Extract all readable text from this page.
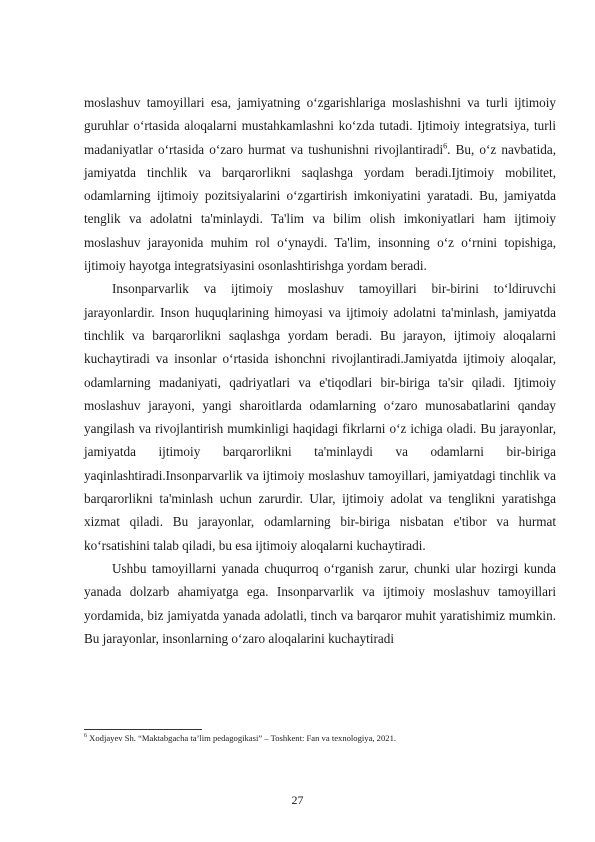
moslashuv tamoyillari esa, jamiyatning o‘zgarishlariga moslashishni va turli ijtimoiy guruhlar o‘rtasida aloqalarni mustahkamlashni ko‘zda tutadi. Ijtimoiy integratsiya, turli madaniyatlar o‘rtasida o‘zaro hurmat va tushunishni rivojlantiradi$^6$. Bu, o‘z navbatida, jamiyatda tinchlik va barqarorlikni saqlashga yordam beradi.Ijtimoiy mobilitet, odamlarning ijtimoiy pozitsiyalarini o‘zgartirish imkoniyatini yaratadi. Bu, jamiyatda tenglik va adolatni ta'minlaydi. Ta'lim va bilim olish imkoniyatlari ham ijtimoiy moslashuv jarayonida muhim rol o‘ynaydi. Ta'lim, insonning o‘z o‘rnini topishiga, ijtimoiy hayotga integratsiyasini osonlashtirishga yordam beradi.

Insonparvarlik va ijtimoiy moslashuv tamoyillari bir-birini to‘ldiruvchi jarayonlardir. Inson huquqlarining himoyasi va ijtimoiy adolatni ta'minlash, jamiyatda tinchlik va barqarorlikni saqlashga yordam beradi. Bu jarayon, ijtimoiy aloqalarni kuchaytiradi va insonlar o‘rtasida ishonchni rivojlantiradi.Jamiyatda ijtimoiy aloqalar, odamlarning madaniyati, qadriyatlari va e'tiqodlari bir-biriga ta'sir qiladi. Ijtimoiy moslashuv jarayoni, yangi sharoitlarda odamlarning o‘zaro munosabatlarini qanday yangilash va rivojlantirish mumkinligi haqidagi fikrlarni o‘z ichiga oladi. Bu jarayonlar, jamiyatda ijtimoiy barqarorlikni ta'minlaydi va odamlarni bir-biriga yaqinlashtiradi.Insonparvarlik va ijtimoiy moslashuv tamoyillari, jamiyatdagi tinchlik va barqarorlikni ta'minlash uchun zarurdir. Ular, ijtimoiy adolat va tenglikni yaratishga xizmat qiladi. Bu jarayonlar, odamlarning bir-biriga nisbatan e'tibor va hurmat ko‘rsatishini talab qiladi, bu esa ijtimoiy aloqalarni kuchaytiradi.

Ushbu tamoyillarni yanada chuqurroq o‘rganish zarur, chunki ular hozirgi kunda yanada dolzarb ahamiyatga ega. Insonparvarlik va ijtimoiy moslashuv tamoyillari yordamida, biz jamiyatda yanada adolatli, tinch va barqaror muhit yaratishimiz mumkin. Bu jarayonlar, insonlarning o‘zaro aloqalarini kuchaytiradi

$^6$ Xodjayev Sh. “Maktabgacha ta’lim pedagogikasi” – Toshkent: Fan va texnologiya, 2021.
27
